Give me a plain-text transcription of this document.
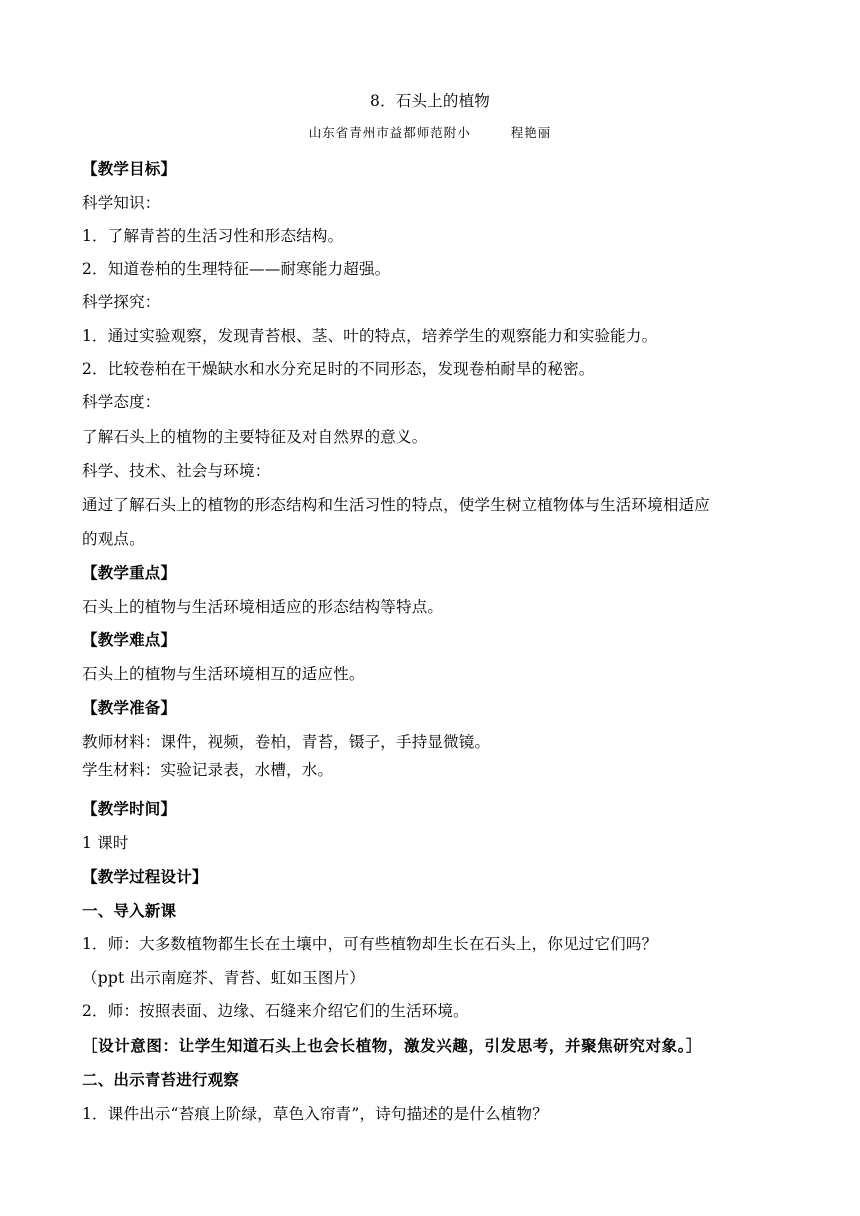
8．石头上的植物
山东省青州市益都师范附小　　 程艳丽
【教学目标】
科学知识：
1．了解青苔的生活习性和形态结构。
2．知道卷柏的生理特征——耐寒能力超强。
科学探究：
1．通过实验观察，发现青苔根、茎、叶的特点，培养学生的观察能力和实验能力。
2．比较卷柏在干燥缺水和水分充足时的不同形态，发现卷柏耐旱的秘密。
科学态度：
了解石头上的植物的主要特征及对自然界的意义。
科学、技术、社会与环境：
通过了解石头上的植物的形态结构和生活习性的特点，使学生树立植物体与生活环境相适应
的观点。
【教学重点】
石头上的植物与生活环境相适应的形态结构等特点。
【教学难点】
石头上的植物与生活环境相互的适应性。
【教学准备】
教师材料：课件，视频，卷柏，青苔，镊子，手持显微镜。
学生材料：实验记录表，水槽，水。
【教学时间】
1 课时
【教学过程设计】
一、导入新课
1．师：大多数植物都生长在土壤中，可有些植物却生长在石头上，你见过它们吗？
（ppt 出示南庭芥、青苔、虹如玉图片）
2．师：按照表面、边缘、石缝来介绍它们的生活环境。
［设计意图：让学生知道石头上也会长植物，激发兴趣，引发思考，并聚焦研究对象。］
二、出示青苔进行观察
1．课件出示“苔痕上阶绿，草色入帘青”，诗句描述的是什么植物？
